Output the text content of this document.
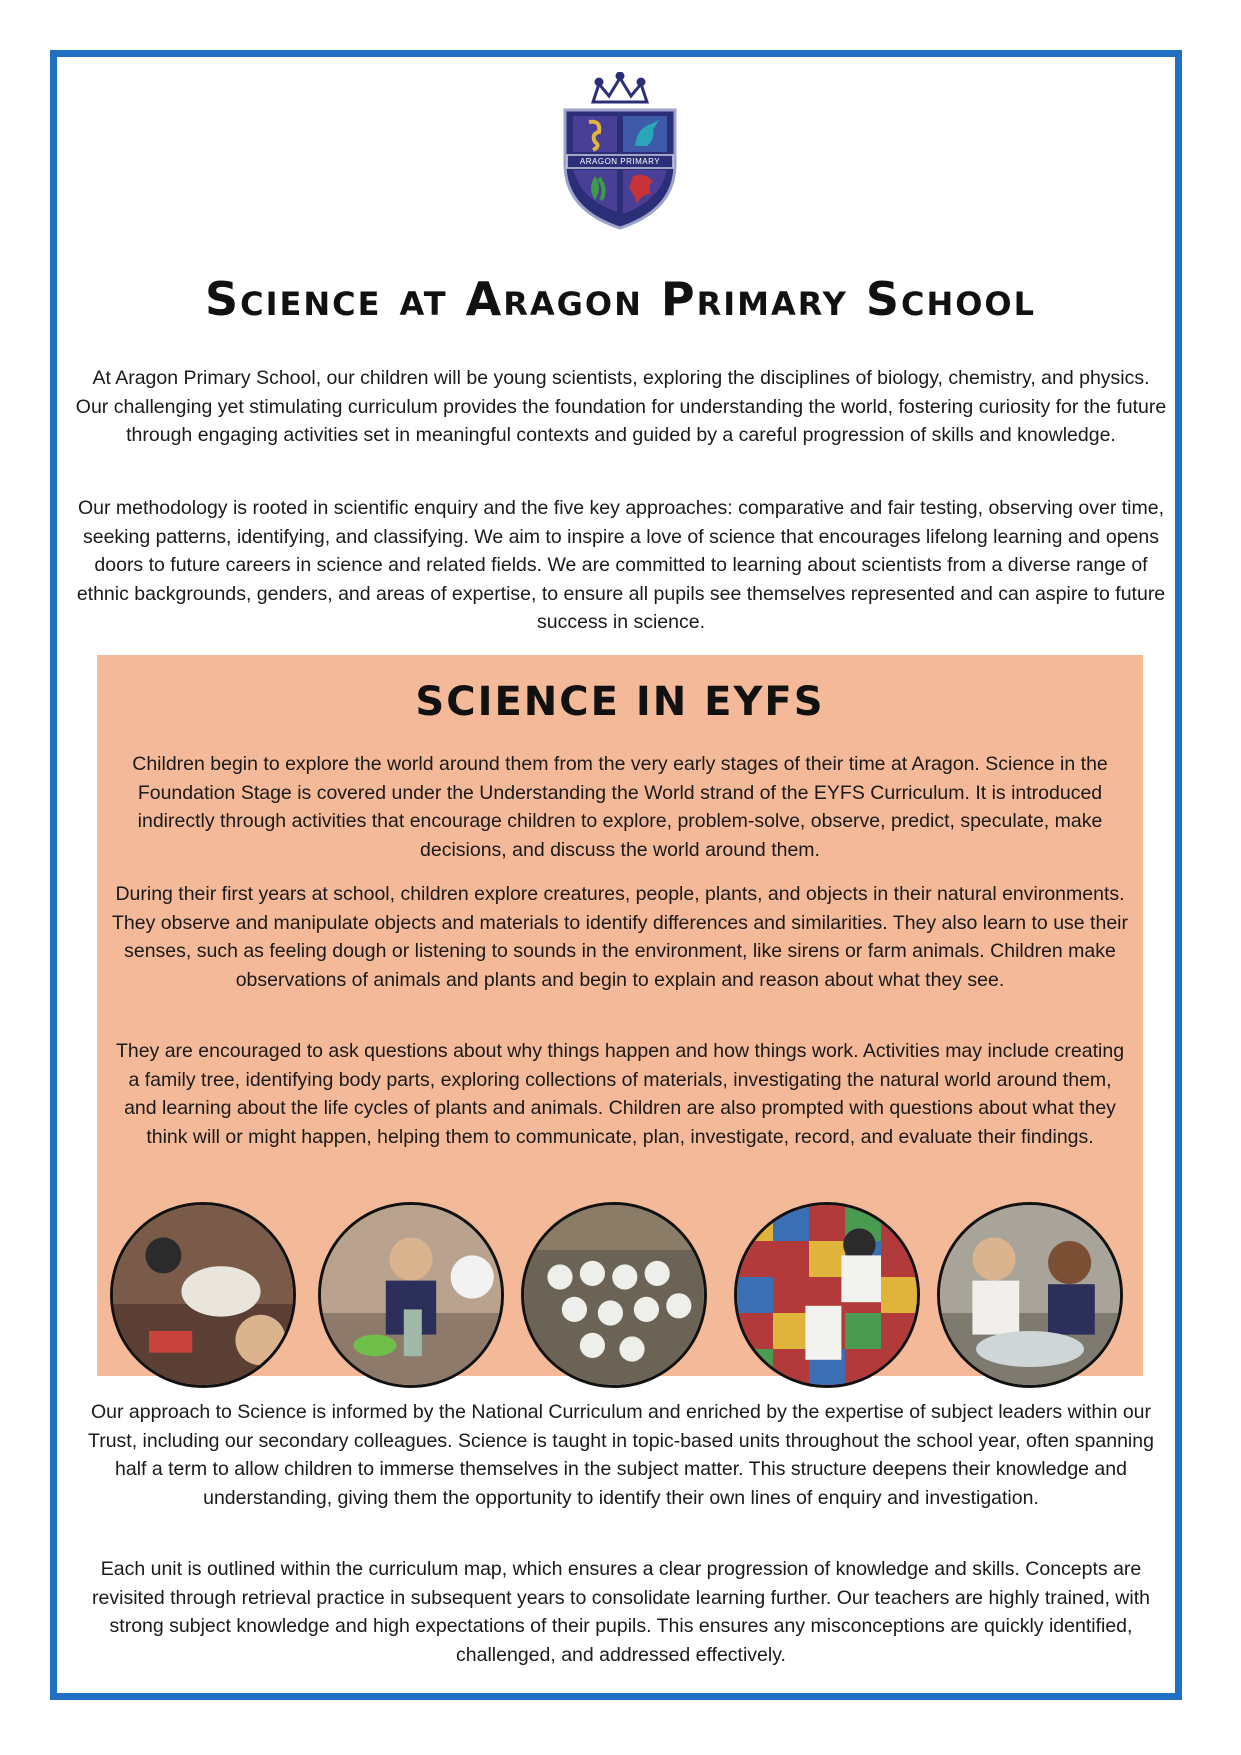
ARAGON PRIMARY
Science at Aragon Primary School

At Aragon Primary School, our children will be young scientists, exploring the disciplines of biology, chemistry, and physics. Our challenging yet stimulating curriculum provides the foundation for understanding the world, fostering curiosity for the future through engaging activities set in meaningful contexts and guided by a careful progression of skills and knowledge.

Our methodology is rooted in scientific enquiry and the five key approaches: comparative and fair testing, observing over time, seeking patterns, identifying, and classifying. We aim to inspire a love of science that encourages lifelong learning and opens doors to future careers in science and related fields. We are committed to learning about scientists from a diverse range of ethnic backgrounds, genders, and areas of expertise, to ensure all pupils see themselves represented and can aspire to future success in science.

SCIENCE IN EYFS

Children begin to explore the world around them from the very early stages of their time at Aragon. Science in the Foundation Stage is covered under the Understanding the World strand of the EYFS Curriculum. It is introduced indirectly through activities that encourage children to explore, problem-solve, observe, predict, speculate, make decisions, and discuss the world around them.

During their first years at school, children explore creatures, people, plants, and objects in their natural environments. They observe and manipulate objects and materials to identify differences and similarities. They also learn to use their senses, such as feeling dough or listening to sounds in the environment, like sirens or farm animals. Children make observations of animals and plants and begin to explain and reason about what they see.

They are encouraged to ask questions about why things happen and how things work. Activities may include creating a family tree, identifying body parts, exploring collections of materials, investigating the natural world around them, and learning about the life cycles of plants and animals. Children are also prompted with questions about what they think will or might happen, helping them to communicate, plan, investigate, record, and evaluate their findings.

Our approach to Science is informed by the National Curriculum and enriched by the expertise of subject leaders within our Trust, including our secondary colleagues. Science is taught in topic-based units throughout the school year, often spanning half a term to allow children to immerse themselves in the subject matter. This structure deepens their knowledge and understanding, giving them the opportunity to identify their own lines of enquiry and investigation.

Each unit is outlined within the curriculum map, which ensures a clear progression of knowledge and skills. Concepts are revisited through retrieval practice in subsequent years to consolidate learning further. Our teachers are highly trained, with strong subject knowledge and high expectations of their pupils. This ensures any misconceptions are quickly identified, challenged, and addressed effectively.
